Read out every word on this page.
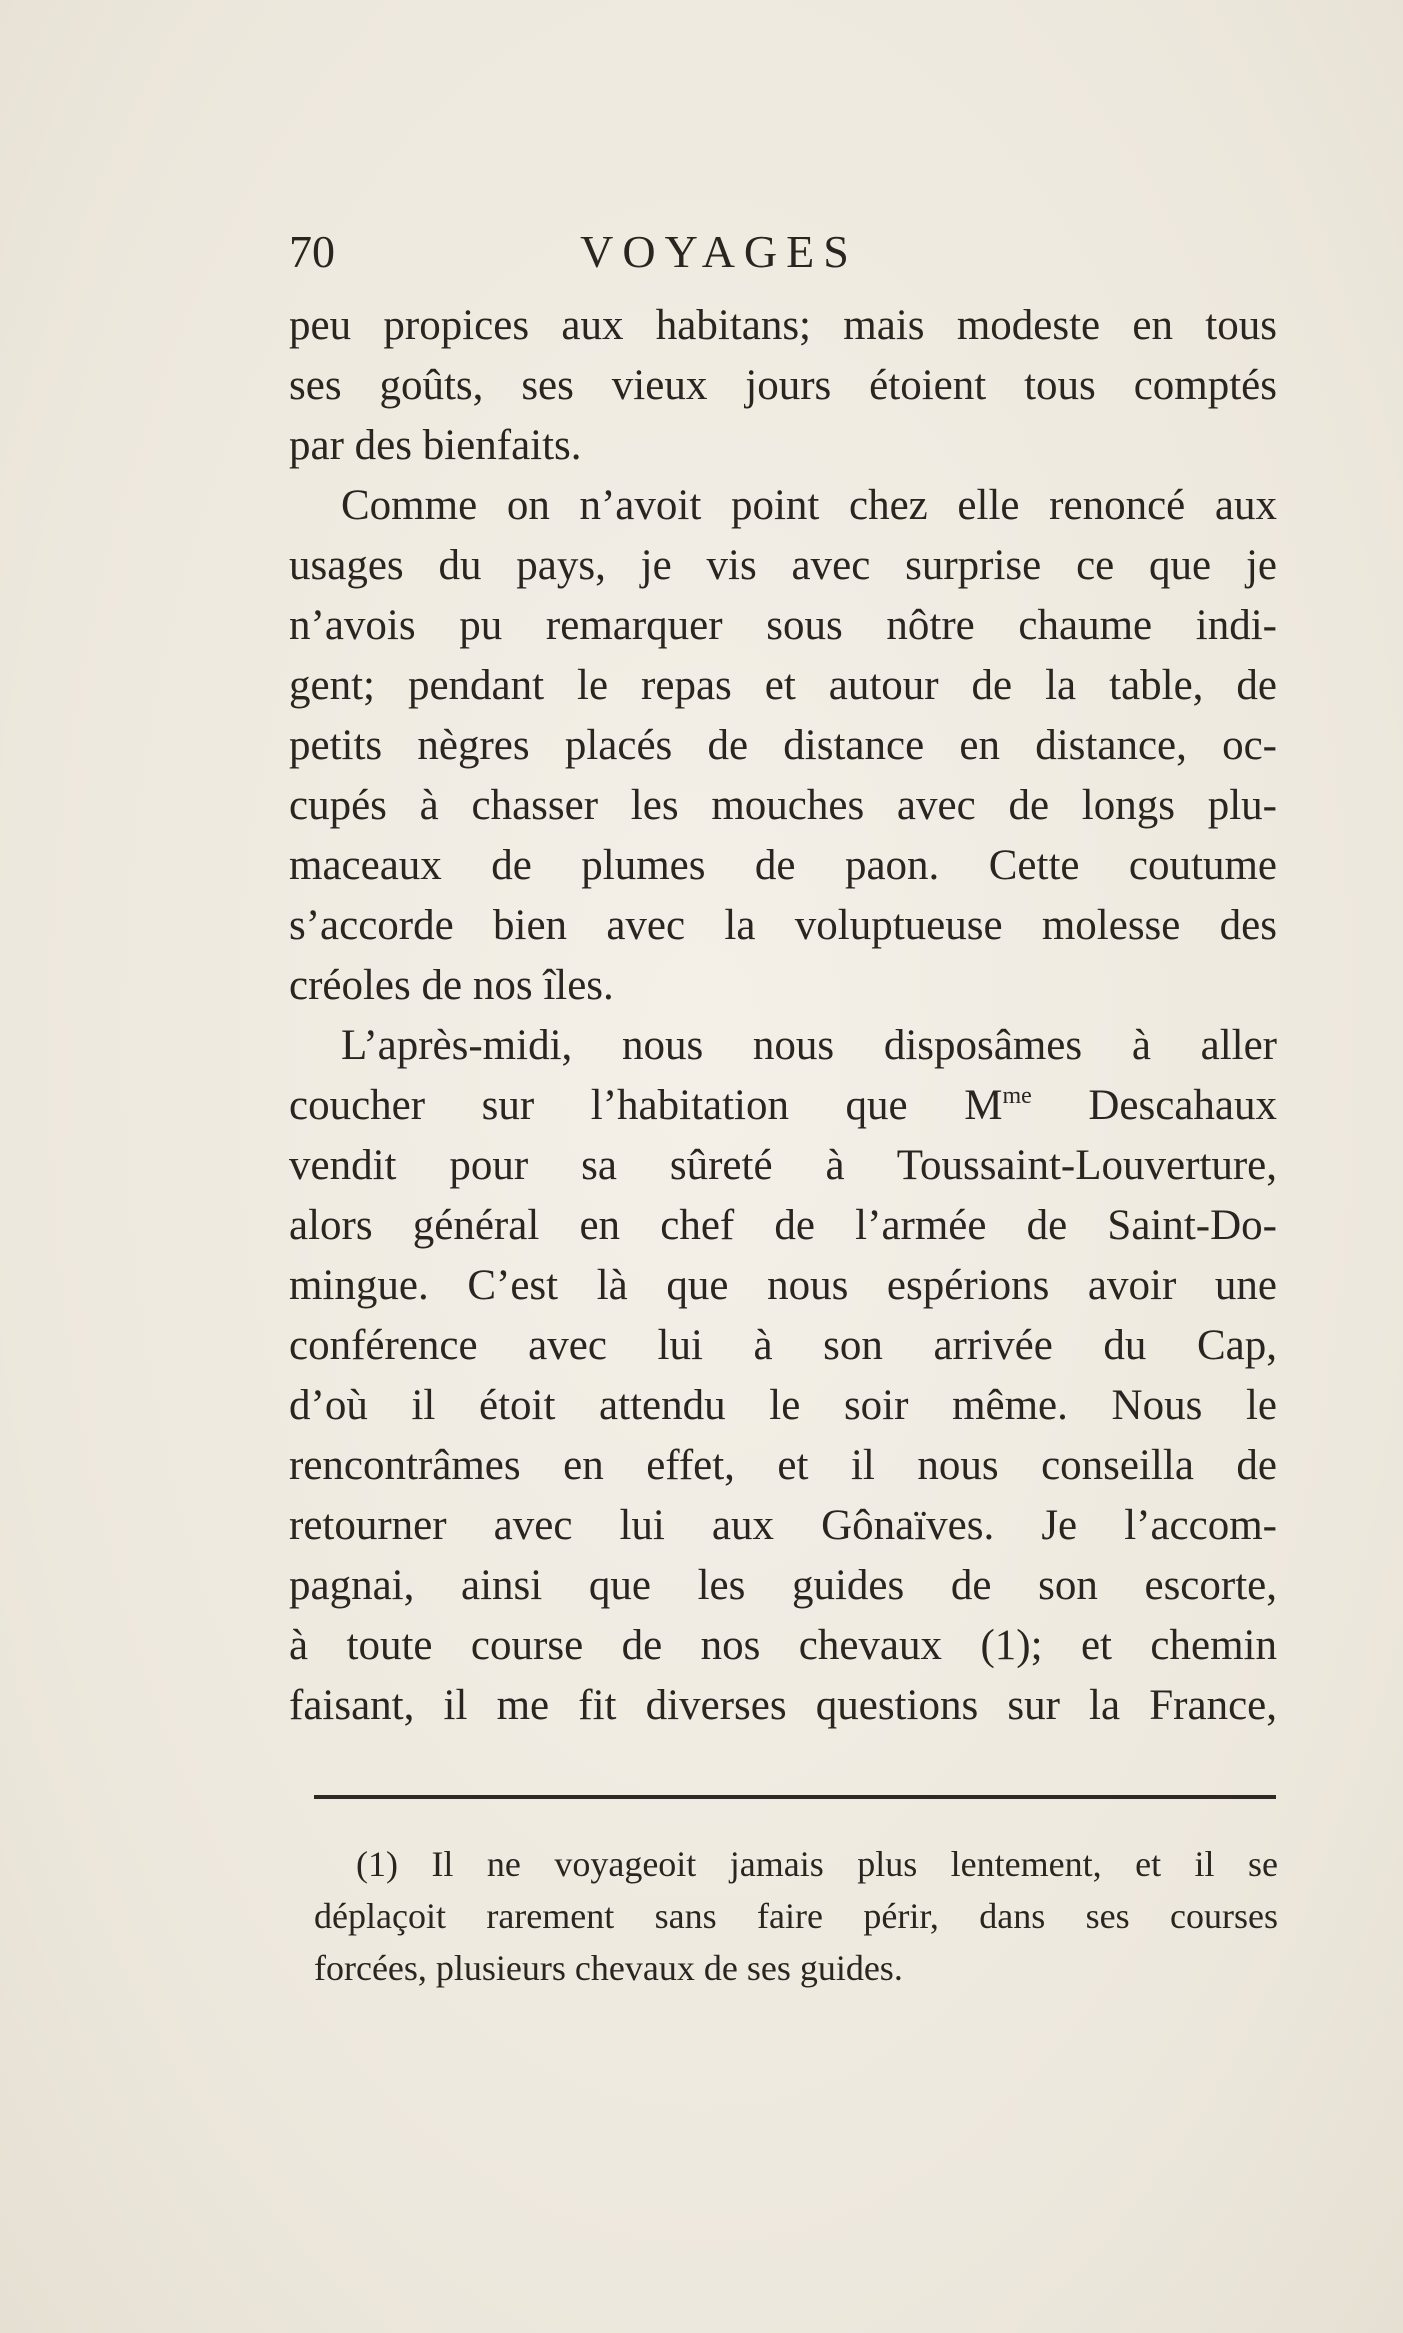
70	VOYAGES
peu propices aux habitans; mais modeste en tous
ses goûts, ses vieux jours étoient tous comptés
par des bienfaits.
Comme on n’avoit point chez elle renoncé aux
usages du pays, je vis avec surprise ce que je
n’avois pu remarquer sous nôtre chaume indi-
gent; pendant le repas et autour de la table, de
petits nègres placés de distance en distance, oc-
cupés à chasser les mouches avec de longs plu-
maceaux de plumes de paon. Cette coutume
s’accorde bien avec la voluptueuse molesse des
créoles de nos îles.
L’après-midi, nous nous disposâmes à aller
coucher sur l’habitation que $M^{me}$ Descahaux
vendit pour sa sûreté à Toussaint-Louverture,
alors général en chef de l’armée de Saint-Do-
mingue. C’est là que nous espérions avoir une
conférence avec lui à son arrivée du Cap,
d’où il étoit attendu le soir même. Nous le
rencontrâmes en effet, et il nous conseilla de
retourner avec lui aux Gônaïves. Je l’accom-
pagnai, ainsi que les guides de son escorte,
à toute course de nos chevaux (1); et chemin
faisant, il me fit diverses questions sur la France,
(1) Il ne voyageoit jamais plus lentement, et il se
déplaçoit rarement sans faire périr, dans ses courses
forcées, plusieurs chevaux de ses guides.
